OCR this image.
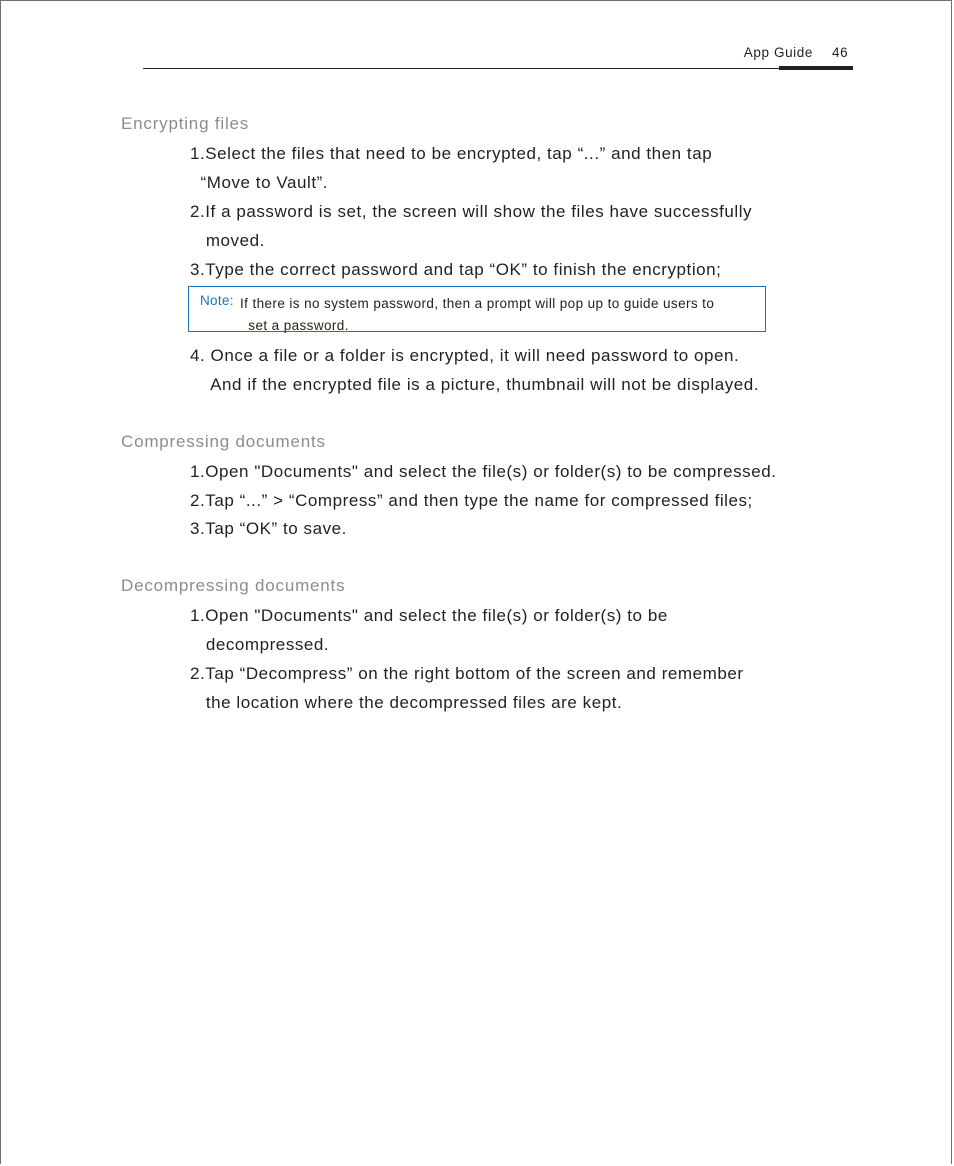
App Guide 46
Encrypting files
1.Select the files that need to be encrypted, tap “...” and then tap
“Move to Vault”.
2.If a password is set, the screen will show the files have successfully
moved.
3.Type the correct password and tap “OK” to finish the encryption;
Note: If there is no system password, then a prompt will pop up to guide users to
set a password.
4. Once a file or a folder is encrypted, it will need password to open.
And if the encrypted file is a picture, thumbnail will not be displayed.
Compressing documents
1.Open "Documents" and select the file(s) or folder(s) to be compressed.
2.Tap “...” > “Compress” and then type the name for compressed files;
3.Tap “OK” to save.
Decompressing documents
1.Open "Documents" and select the file(s) or folder(s) to be
decompressed.
2.Tap “Decompress” on the right bottom of the screen and remember
the location where the decompressed files are kept.
